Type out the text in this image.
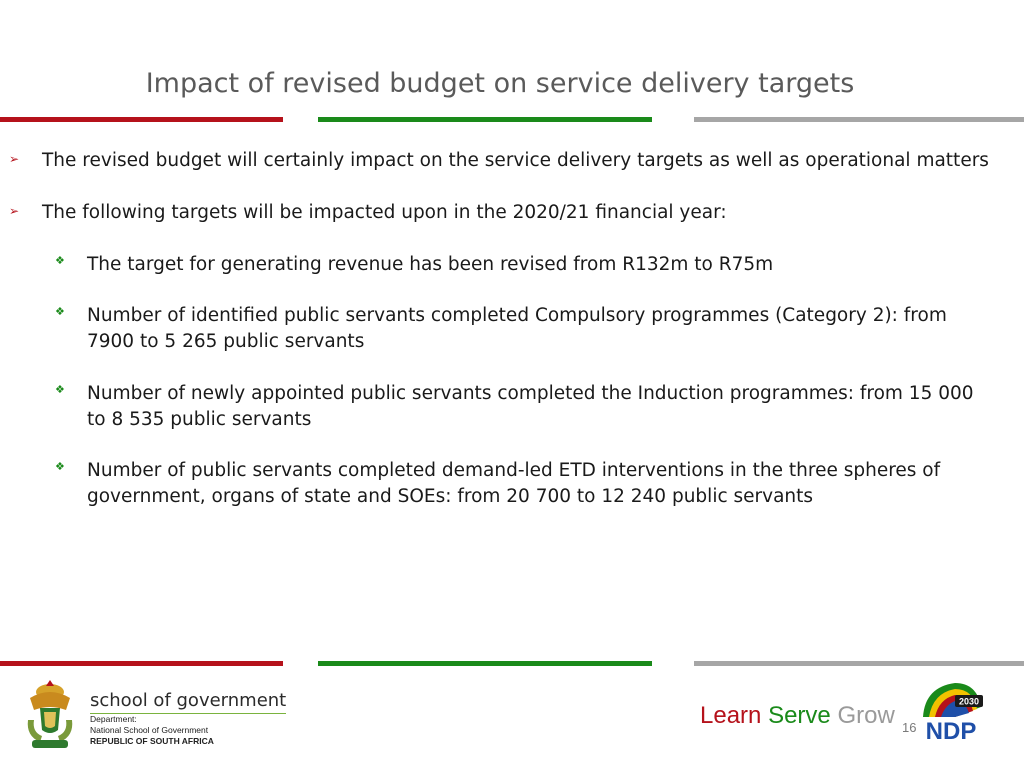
Impact of revised budget on service delivery targets
➢ The revised budget will certainly impact on the service delivery targets as well as operational matters
➢ The following targets will be impacted upon in the 2020/21 financial year:
❖ The target for generating revenue has been revised from R132m to R75m
❖ Number of identified public servants completed Compulsory programmes (Category 2): from 7900 to 5 265 public servants
❖ Number of newly appointed public servants completed the Induction programmes: from 15 000 to 8 535 public servants
❖ Number of public servants completed demand-led ETD interventions in the three spheres of government, organs of state and SOEs: from 20 700 to 12 240 public servants
school of government
Department:
National School of Government
REPUBLIC OF SOUTH AFRICA
Learn Serve Grow 16
2030
NDP
